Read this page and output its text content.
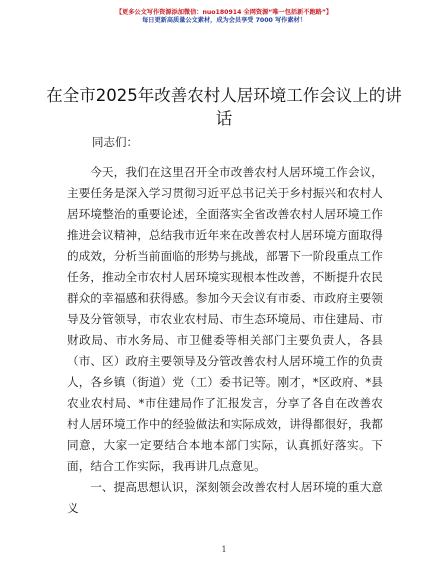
【更多公文写作资源添加微信：nuo180914 全网资源“唯一包括新不跑路”】
每日更新高质量公文素材，成为会员享受 7000 写作素材！
在全市2025年改善农村人居环境工作会议上的讲话
同志们：

今天，我们在这里召开全市改善农村人居环境工作会议，主要任务是深入学习贯彻习近平总书记关于乡村振兴和农村人居环境整治的重要论述，全面落实全省改善农村人居环境工作推进会议精神，总结我市近年来在改善农村人居环境方面取得的成效，分析当前面临的形势与挑战，部署下一阶段重点工作任务，推动全市农村人居环境实现根本性改善，不断提升农民群众的幸福感和获得感。参加今天会议有市委、市政府主要领导及分管领导，市农业农村局、市生态环境局、市住建局、市财政局、市水务局、市卫健委等相关部门主要负责人，各县（市、区）政府主要领导及分管改善农村人居环境工作的负责人，各乡镇（街道）党（工）委书记等。刚才，*区政府、*县农业农村局、*市住建局作了汇报发言，分享了各自在改善农村人居环境工作中的经验做法和实际成效，讲得都很好，我都同意，大家一定要结合本地本部门实际，认真抓好落实。下面，结合工作实际，我再讲几点意见。

一、提高思想认识，深刻领会改善农村人居环境的重大意义

1
